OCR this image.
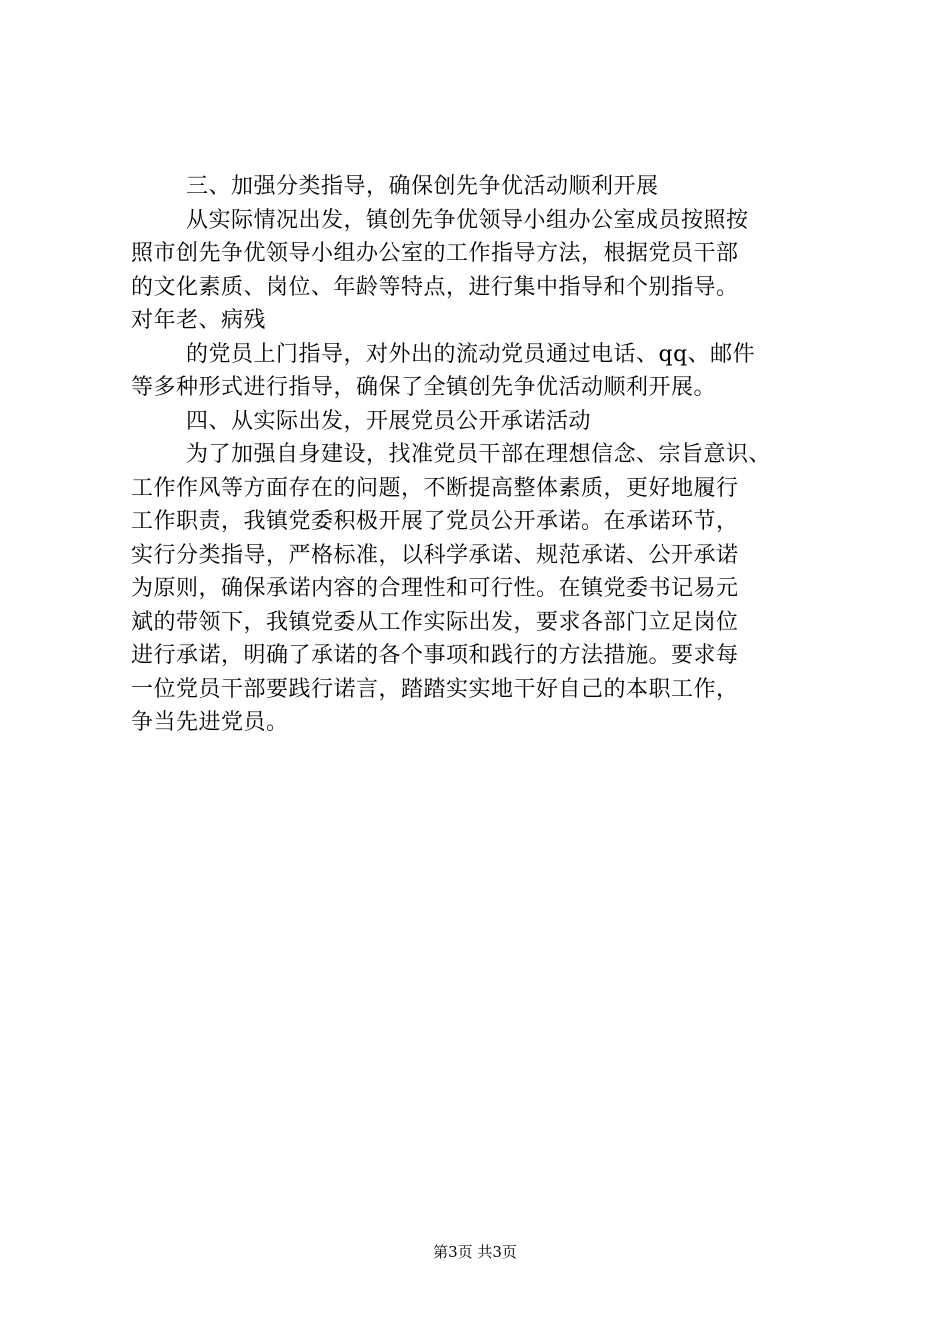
三、加强分类指导，确保创先争优活动顺利开展
从实际情况出发，镇创先争优领导小组办公室成员按照按
照市创先争优领导小组办公室的工作指导方法，根据党员干部
的文化素质、岗位、年龄等特点，进行集中指导和个别指导。
对年老、病残
的党员上门指导，对外出的流动党员通过电话、qq、邮件
等多种形式进行指导，确保了全镇创先争优活动顺利开展。
四、从实际出发，开展党员公开承诺活动
为了加强自身建设，找准党员干部在理想信念、宗旨意识、
工作作风等方面存在的问题，不断提高整体素质，更好地履行
工作职责，我镇党委积极开展了党员公开承诺。在承诺环节，
实行分类指导，严格标准，以科学承诺、规范承诺、公开承诺
为原则，确保承诺内容的合理性和可行性。在镇党委书记易元
斌的带领下，我镇党委从工作实际出发，要求各部门立足岗位
进行承诺，明确了承诺的各个事项和践行的方法措施。要求每
一位党员干部要践行诺言，踏踏实实地干好自己的本职工作，
争当先进党员。
第3页 共3页
